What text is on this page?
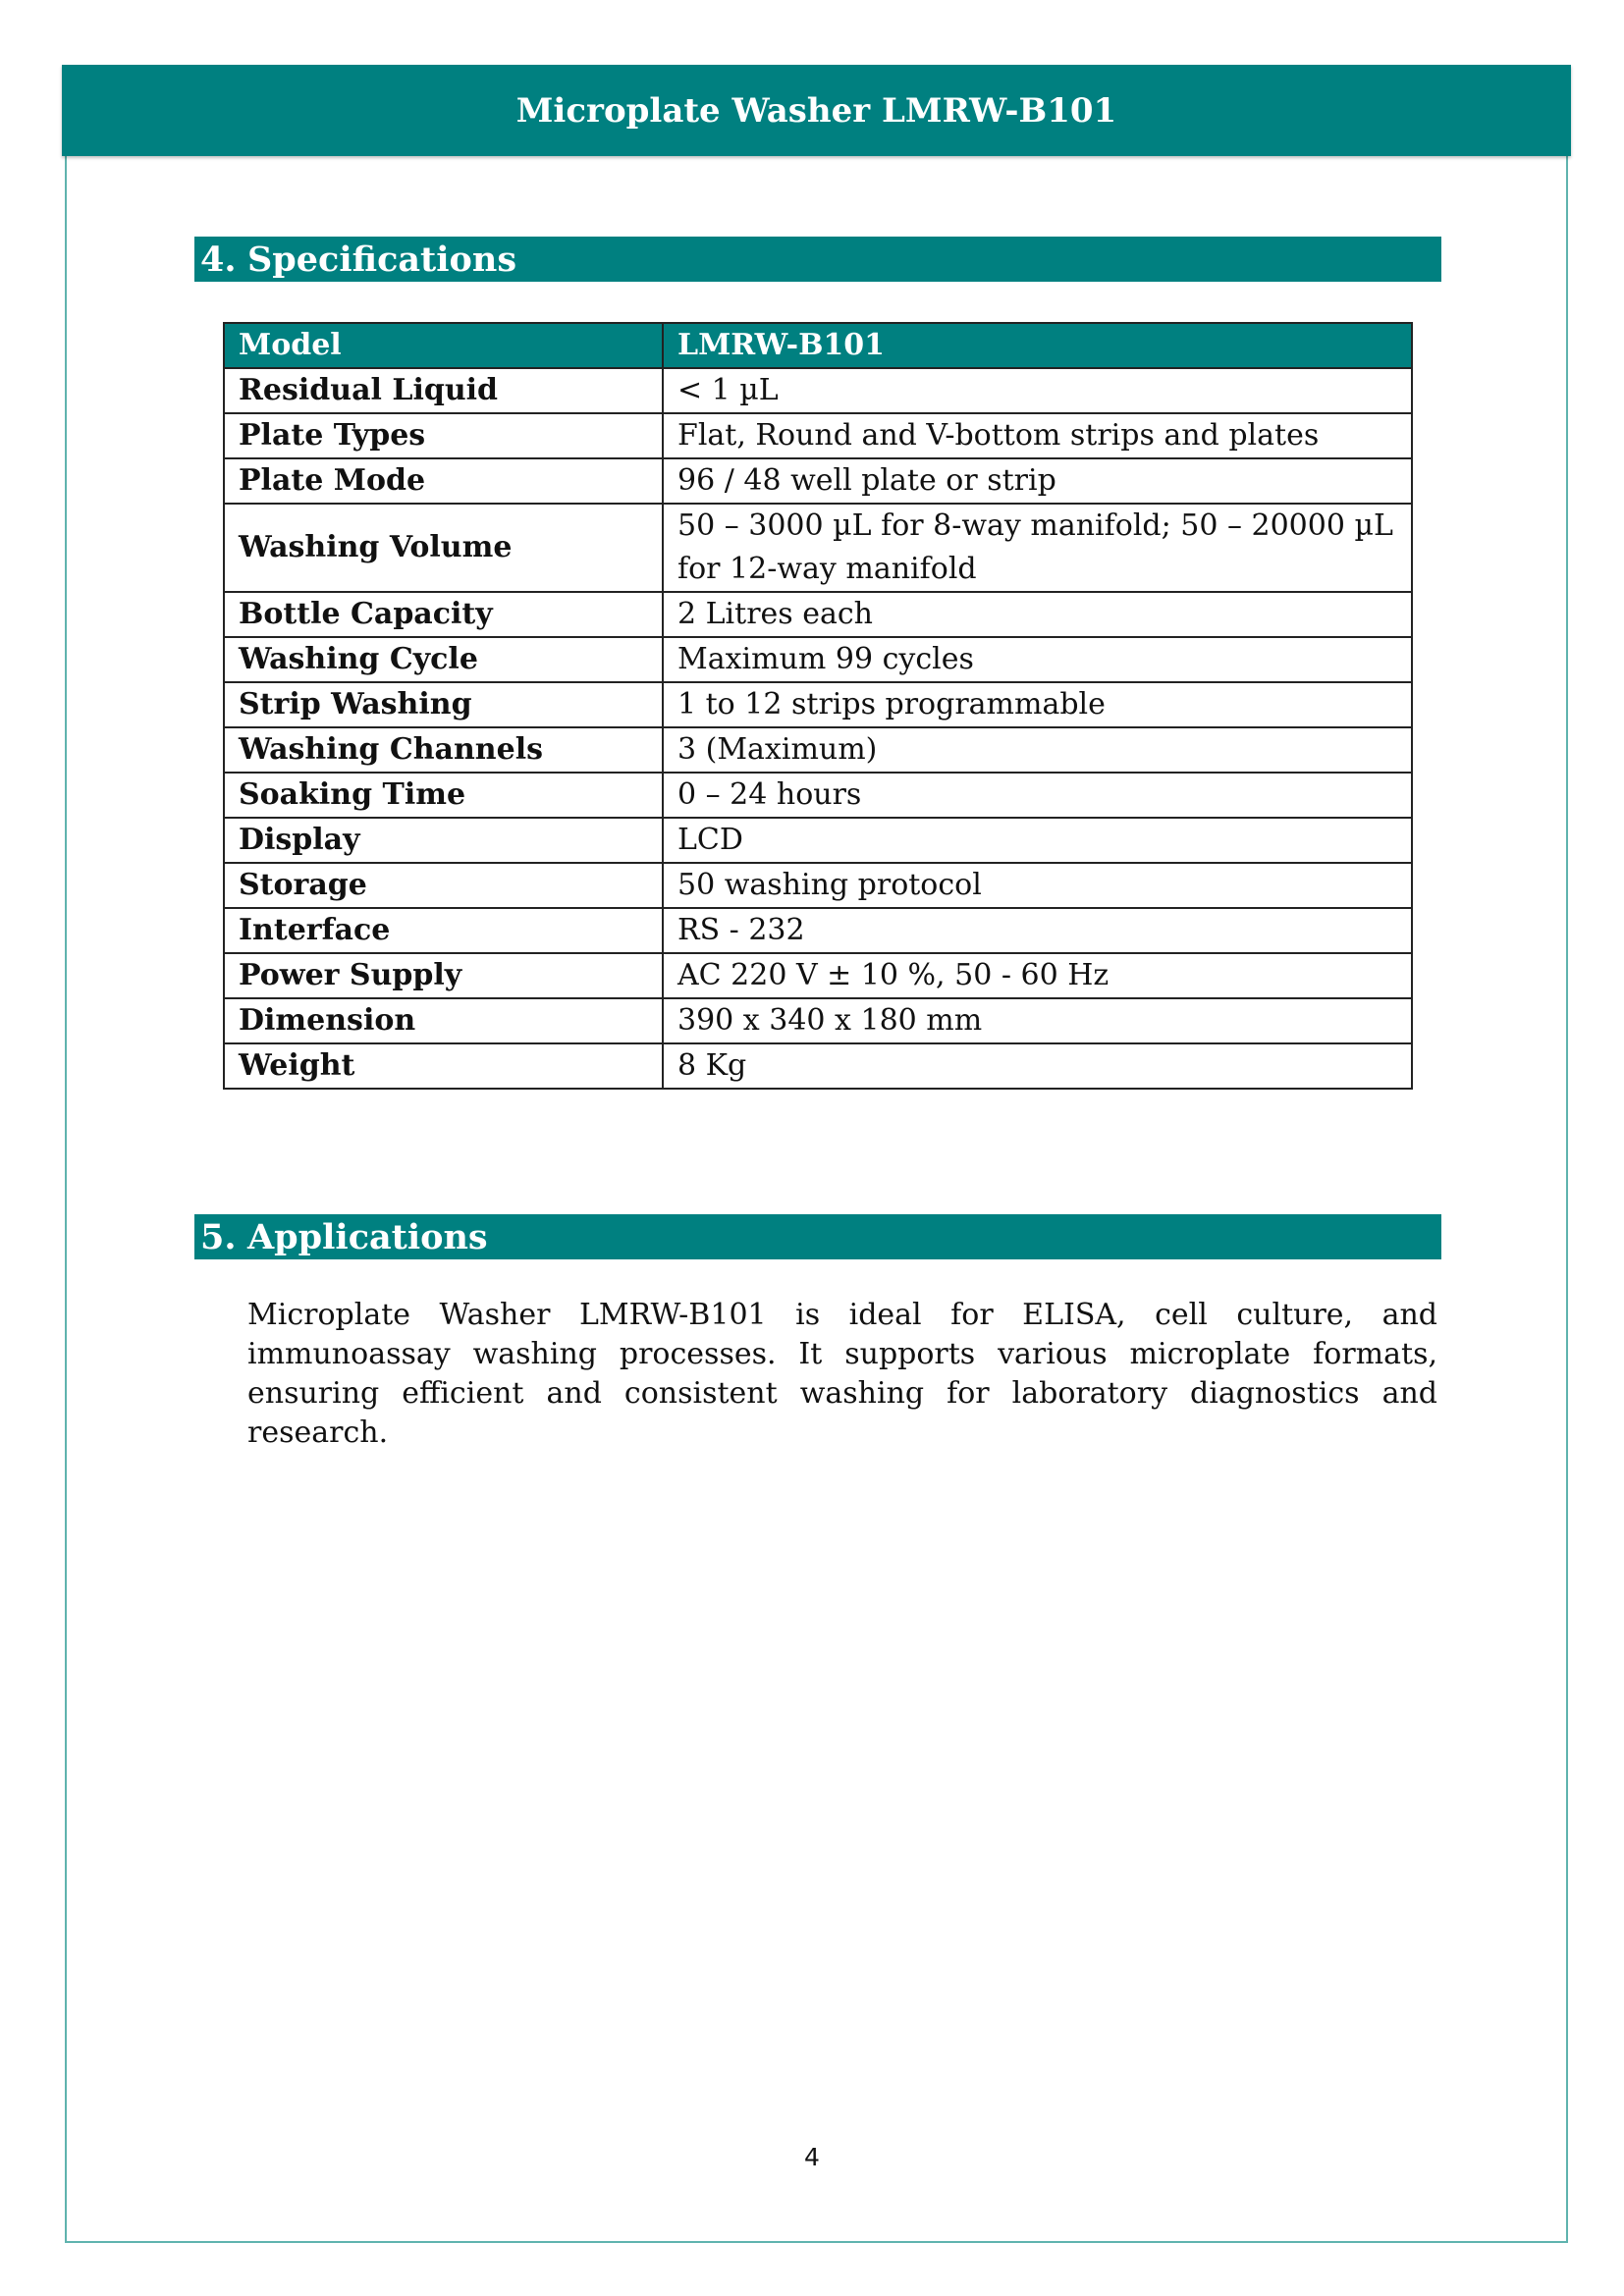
Microplate Washer LMRW-B101
4. Specifications
Model	LMRW-B101
Residual Liquid	< 1 µL
Plate Types	Flat, Round and V-bottom strips and plates
Plate Mode	96 / 48 well plate or strip
Washing Volume	50 – 3000 µL for 8-way manifold; 50 – 20000 µL for 12-way manifold
Bottle Capacity	2 Litres each
Washing Cycle	Maximum 99 cycles
Strip Washing	1 to 12 strips programmable
Washing Channels	3 (Maximum)
Soaking Time	0 – 24 hours
Display	LCD
Storage	50 washing protocol
Interface	RS - 232
Power Supply	AC 220 V ± 10 %, 50 - 60 Hz
Dimension	390 x 340 x 180 mm
Weight	8 Kg
5. Applications

Microplate Washer LMRW-B101 is ideal for ELISA, cell culture, and immunoassay washing processes. It supports various microplate formats, ensuring efficient and consistent washing for laboratory diagnostics and research.

4
